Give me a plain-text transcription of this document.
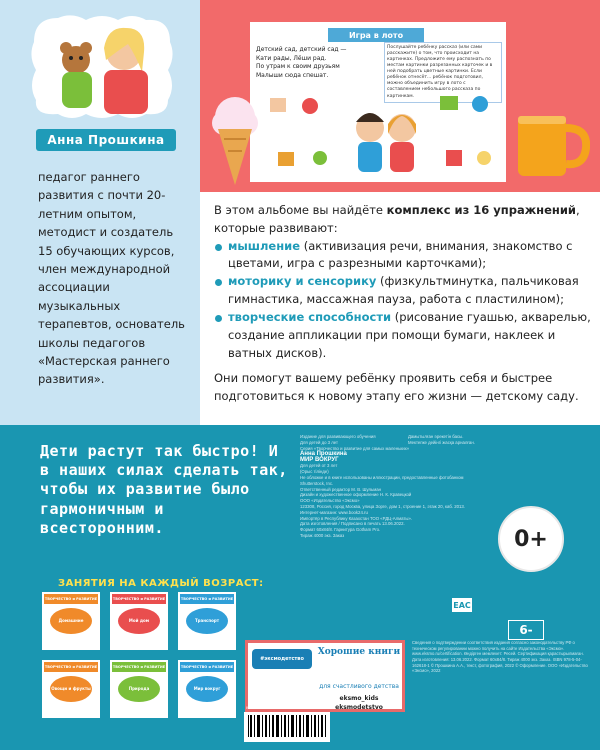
Анна Прошкина
педагог раннего развития с почти 20-летним опытом, методист и создатель 15 обучающих курсов, член международной ассоциации музыкальных терапевтов, основатель школы педагогов «Мастерская раннего развития».
Игра в лото
Детский сад, детский сад —
Кати рады, Лёши рад.
По утрам к своим друзьям
Малыши сюда спешат.
Послушайте ребёнку рассказ (или сами расскажите) о том, что происходит на картинках. Предложите ему распознать по местам картинки разрезанных карточек и в ней подобрать цветные картинки. Если ребёнок отнесёт... ребёнок подготовил, можно объединить игру в лото с составлением небольшого рассказа по картинкам.

В этом альбоме вы найдёте комплекс из 16 упражнений, которые развивают:

мышление (активизация речи, внимания, знакомство с цветами, игра с разрезными карточками);
моторику и сенсорику (физкультминутка, пальчиковая гимнастика, массажная пауза, работа с пластилином);
творческие способности (рисование гуашью, акварелью, создание аппликации при помощи бумаги, наклеек и ватных дисков).

Они помогут вашему ребёнку проявить себя и быстрее подготовиться к новому этапу его жизни — детскому саду.

Дети растут так быстро! И в наших силах сделать так, чтобы их развитие было гармоничным и всесторонним.
ЗАНЯТИЯ НА КАЖДЫЙ ВОЗРАСТ:
ТВОРЧЕСТВО и РАЗВИТИЕ
Домашние животные
ТВОРЧЕСТВО и РАЗВИТИЕ
Мой дом
ТВОРЧЕСТВО и РАЗВИТИЕ
Транспорт
ТВОРЧЕСТВО и РАЗВИТИЕ
Овощи и фрукты
ТВОРЧЕСТВО и РАЗВИТИЕ
Природа
ТВОРЧЕСТВО и РАЗВИТИЕ
Мир вокруг
Издание для развивающего обучения
Для детей до 3 лет
Серия «Творчество и развитие для самых маленьких»
Анна Прошкина
МИР ВОКРУГ
Для детей от 3 лет
(Орыс тілінде)
Не обложке и в книге использованы иллюстрации, предоставленные фотобанком Shutterstock, Inc.
Ответственный редактор М. В. Шульман
Дизайн и художественное оформление Н. К. Кравецкой
ООО «Издательство «Эксмо»
123308, Россия, город Москва, улица Зорге, дом 1, строение 1, этаж 20, каб. 2013.
Интернет-магазин: www.book24.ru
Импортёр в Республику Казахстан ТОО «РДЦ-Алматы».
Дата изготовления / Подписано в печать 13.06.2022.
Формат 60х84/8. Гарнитура Gotham Pro.
Тираж 4000 экз. Заказ
Дамытылған әрекетін басы.
Мектепке дейінгі жасқа арналған.
0+
EAC
6-
Сведения о подтверждении соответствия издания согласно законодательству РФ о техническом регулировании можно получить на сайте Издательства «Эксмо». www.eksmo.ru/certification. Өндірген мемлекет: Ресей. Сертификация қарастырылмаған. Дата изготовления: 13.06.2022. Формат 60х84/8. Тираж 4000 экз. Заказ. ISBN 978-5-04-162618-1 © Прошкина А.А., текст, фотография, 2022 © Оформление. ООО «Издательство «Эксмо», 2022
#эксмодетство
Хорошие книги
для счастливого детства
eksmo_kids
eksmodetstvo
ISBN 978-5-04-162618-1
